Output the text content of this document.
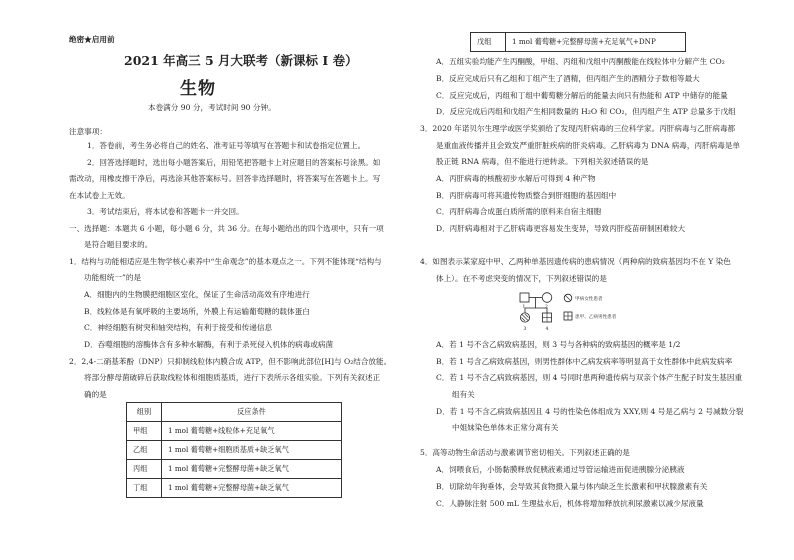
绝密★启用前
2021 年高三 5 月大联考（新课标 I 卷）
生物
本卷满分 90 分，考试时间 90 分钟。
注意事项：
1．答卷前，考生务必将自己的姓名、准考证号等填写在答题卡和试卷指定位置上。
2．回答选择题时，选出每小题答案后，用铅笔把答题卡上对应题目的答案标号涂黑。如
需改动，用橡皮擦干净后，再选涂其他答案标号。回答非选择题时，将答案写在答题卡上。写
在本试卷上无效。
3．考试结束后，将本试卷和答题卡一并交回。
一、选择题：本题共 6 小题，每小题 6 分，共 36 分。在每小题给出的四个选项中，只有一项
是符合题目要求的。
1．结构与功能相适应是生物学核心素养中“生命观念”的基本观点之一。下列不能体现“结构与
功能相统一”的是
A．细胞内的生物膜把细胞区室化，保证了生命活动高效有序地进行
B．线粒体是有氧呼吸的主要场所，外膜上有运输葡萄糖的载体蛋白
C．神经细胞有树突和轴突结构，有利于接受和传递信息
D．吞噬细胞的溶酶体含有多种水解酶，有利于杀死侵入机体的病毒或病菌
2．2,4-二硝基苯酚（DNP）只抑制线粒体内膜合成 ATP，但不影响此部位[H]与 O₂结合放能。
将部分酵母菌破碎后获取线粒体和细胞质基质，进行下表所示各组实验。下列有关叙述正
确的是
组别	反应条件
甲组	1 mol 葡萄糖+线粒体+充足氧气
乙组	1 mol 葡萄糖+细胞质基质+缺乏氧气
丙组	1 mol 葡萄糖+完整酵母菌+缺乏氧气
丁组	1 mol 葡萄糖+完整酵母菌+缺乏氧气
戊组	1 mol 葡萄糖+完整酵母菌+充足氧气+DNP
A．五组实验均能产生丙酮酸，甲组、丙组和戊组中丙酮酸能在线粒体中分解产生 CO₂
B．反应完成后只有乙组和丁组产生了酒精，但丙组产生的酒精分子数相等最大
C．反应完成后，丙组和丁组中葡萄糖分解后的能量去向只有热能和 ATP 中储存的能量
D．反应完成后丙组和戊组产生相同数量的 H₂O 和 CO₂，但丙组产生 ATP 总量多于戊组
3．2020 年诺贝尔生理学或医学奖颁给了发现丙肝病毒的三位科学家。丙肝病毒与乙肝病毒都
是重血液传播并且会致发严重肝脏疾病的肝炎病毒。乙肝病毒为 DNA 病毒，丙肝病毒是单
股正链 RNA 病毒，但不能进行逆转录。下列相关叙述错误的是
A．丙肝病毒的核酸初步水解后可得到 4 种产物
B．丙肝病毒可将其遗传物质整合到肝细胞的基因组中
C．丙肝病毒合成蛋白质所需的原料来自宿主细胞
D．丙肝病毒相对于乙肝病毒更容易发生变异，导致丙肝疫苗研制困难较大
4．如图表示某家庭中甲、乙两种单基因遗传病的患病情况（两种病的致病基因均不在 Y 染色
体上）。在不考虑突变的情况下，下列叙述错误的是
1	2
3	4
甲病女性患者
患甲、乙病男性患者
A．若 1 号不含乙病致病基因，则 3 号与各种病的致病基因的概率是 1/2
B．若 1 号含乙病致病基因，则男性群体中乙病发病率等明显高于女性群体中此病发病率
C．若 1 号不含乙病致病基因，则 4 号同时患两种遗传病与双亲个体产生配子时发生基因重
组有关
D．若 1 号不含乙病致病基因且 4 号的性染色体组成为 XXY,则 4 号是乙病与 2 号减数分裂
中姐妹染色单体未正常分离有关
5．高等动物生命活动与激素调节密切相关。下列叙述正确的是
A．饲喂食后，小肠黏膜释放促胰液素通过导管运输进而促进胰腺分泌胰液
B．切除幼年狗垂体，会导致其食物摄入量与体内缺乏生长激素和甲状腺激素有关
C．人静脉注射 500 mL 生理盐水后，机体将增加释放抗利尿激素以减少尿液量
